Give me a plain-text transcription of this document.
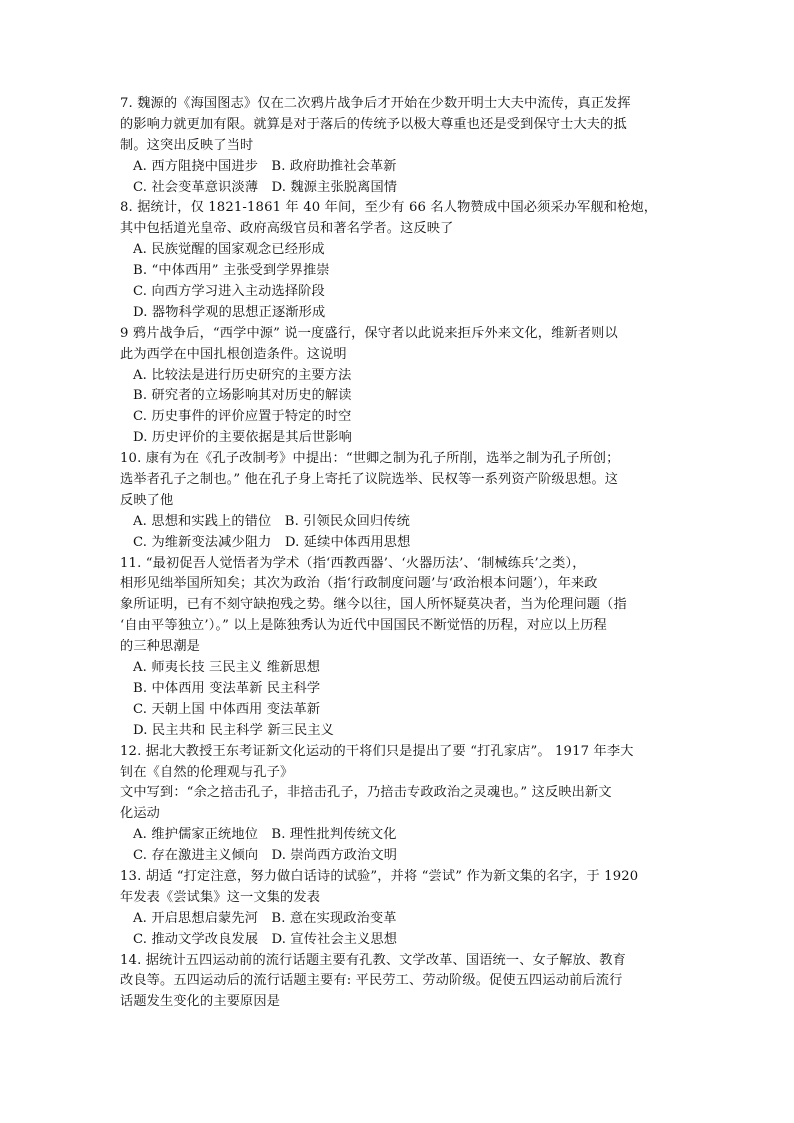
7. 魏源的《海国图志》仅在二次鸦片战争后才开始在少数开明士大夫中流传，真正发挥
的影响力就更加有限。就算是对于落后的传统予以极大尊重也还是受到保守士大夫的抵
制。这突出反映了当时
A. 西方阻挠中国进步　B. 政府助推社会革新
C. 社会变革意识淡薄　D. 魏源主张脱离国情
8. 据统计，仅 1821-1861 年 40 年间，至少有 66 名人物赞成中国必须采办军舰和枪炮，
其中包括道光皇帝、政府高级官员和著名学者。这反映了
A. 民族觉醒的国家观念已经形成
B. “中体西用” 主张受到学界推崇
C. 向西方学习进入主动选择阶段
D. 器物科学观的思想正逐渐形成
9 鸦片战争后，“西学中源” 说一度盛行，保守者以此说来拒斥外来文化，维新者则以
此为西学在中国扎根创造条件。这说明
A. 比较法是进行历史研究的主要方法
B. 研究者的立场影响其对历史的解读
C. 历史事件的评价应置于特定的时空
D. 历史评价的主要依据是其后世影响
10. 康有为在《孔子改制考》中提出：“世卿之制为孔子所削，选举之制为孔子所创；
选举者孔子之制也。” 他在孔子身上寄托了议院选举、民权等一系列资产阶级思想。这
反映了他
A. 思想和实践上的错位　B. 引领民众回归传统
C. 为维新变法减少阻力　D. 延续中体西用思想
11. “最初促吾人觉悟者为学术（指‘西教西器’、‘火器历法’、‘制械练兵’之类），
相形见绌举国所知矣；其次为政治（指‘行政制度问题’与‘政治根本问题’），年来政
象所证明，已有不刻守缺抱残之势。继今以往，国人所怀疑莫决者，当为伦理问题（指
‘自由平等独立’）。” 以上是陈独秀认为近代中国国民不断觉悟的历程，对应以上历程
的三种思潮是
A. 师夷长技 三民主义 维新思想
B. 中体西用 变法革新 民主科学
C. 天朝上国 中体西用 变法革新
D. 民主共和 民主科学 新三民主义
12. 据北大教授王东考证新文化运动的干将们只是提出了要 “打孔家店”。 1917 年李大
钊在《自然的伦理观与孔子》
文中写到：“余之掊击孔子，非掊击孔子，乃掊击专政政治之灵魂也。” 这反映出新文
化运动
A. 维护儒家正统地位　B. 理性批判传统文化
C. 存在激进主义倾向　D. 崇尚西方政治文明
13. 胡适 “打定注意，努力做白话诗的试验”，并将 “尝试” 作为新文集的名字，于 1920
年发表《尝试集》这一文集的发表
A. 开启思想启蒙先河　B. 意在实现政治变革
C. 推动文学改良发展　D. 宣传社会主义思想
14. 据统计五四运动前的流行话题主要有孔教、文学改革、国语统一、女子解放、教育
改良等。五四运动后的流行话题主要有: 平民劳工、劳动阶级。促使五四运动前后流行
话题发生变化的主要原因是
